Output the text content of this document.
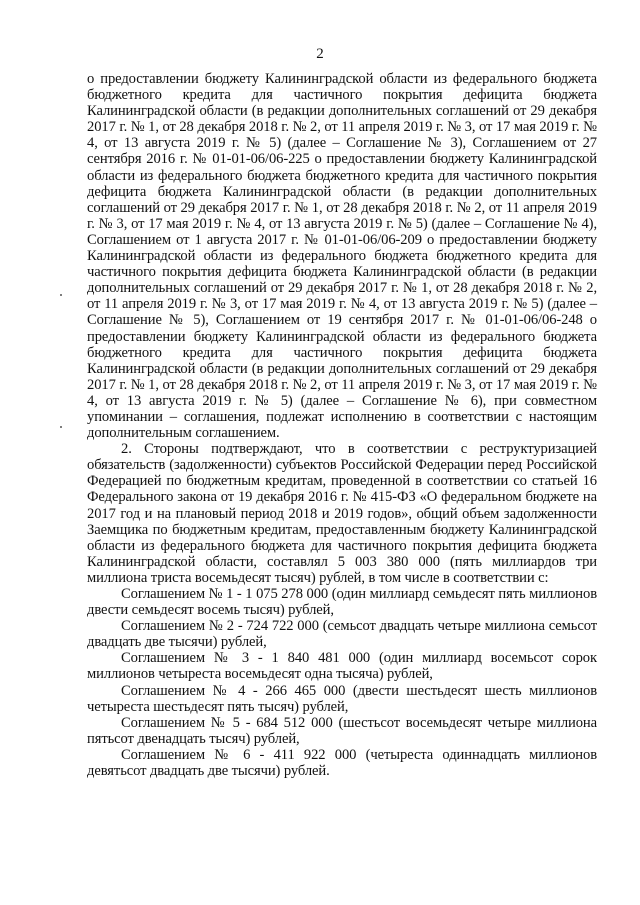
2

о предоставлении бюджету Калининградской области из федерального бюджета бюджетного кредита для частичного покрытия дефицита бюджета Калининградской области (в редакции дополнительных соглашений от 29 декабря 2017 г. № 1, от 28 декабря 2018 г. № 2, от 11 апреля 2019 г. № 3, от 17 мая 2019 г. № 4, от 13 августа 2019 г. № 5) (далее – Соглашение № 3), Соглашением от 27 сентября 2016 г. № 01-01-06/06-225 о предоставлении бюджету Калининградской области из федерального бюджета бюджетного кредита для частичного покрытия дефицита бюджета Калининградской области (в редакции дополнительных соглашений от 29 декабря 2017 г. № 1, от 28 декабря 2018 г. № 2, от 11 апреля 2019 г. № 3, от 17 мая 2019 г. № 4, от 13 августа 2019 г. № 5) (далее – Соглашение № 4), Соглашением от 1 августа 2017 г. № 01-01-06/06-209 о предоставлении бюджету Калининградской области из федерального бюджета бюджетного кредита для частичного покрытия дефицита бюджета Калининградской области (в редакции дополнительных соглашений от 29 декабря 2017 г. № 1, от 28 декабря 2018 г. № 2, от 11 апреля 2019 г. № 3, от 17 мая 2019 г. № 4, от 13 августа 2019 г. № 5) (далее – Соглашение № 5), Соглашением от 19 сентября 2017 г. № 01-01-06/06-248 о предоставлении бюджету Калининградской области из федерального бюджета бюджетного кредита для частичного покрытия дефицита бюджета Калининградской области (в редакции дополнительных соглашений от 29 декабря 2017 г. № 1, от 28 декабря 2018 г. № 2, от 11 апреля 2019 г. № 3, от 17 мая 2019 г. № 4, от 13 августа 2019 г. № 5) (далее – Соглашение № 6), при совместном упоминании – соглашения, подлежат исполнению в соответствии с настоящим дополнительным соглашением.

2. Стороны подтверждают, что в соответствии с реструктуризацией обязательств (задолженности) субъектов Российской Федерации перед Российской Федерацией по бюджетным кредитам, проведенной в соответствии со статьей 16 Федерального закона от 19 декабря 2016 г. № 415-ФЗ «О федеральном бюджете на 2017 год и на плановый период 2018 и 2019 годов», общий объем задолженности Заемщика по бюджетным кредитам, предоставленным бюджету Калининградской области из федерального бюджета для частичного покрытия дефицита бюджета Калининградской области, составлял 5 003 380 000 (пять миллиардов три миллиона триста восемьдесят тысяч) рублей, в том числе в соответствии с:

Соглашением № 1 - 1 075 278 000 (один миллиард семьдесят пять миллионов двести семьдесят восемь тысяч) рублей,

Соглашением № 2 - 724 722 000 (семьсот двадцать четыре миллиона семьсот двадцать две тысячи) рублей,

Соглашением № 3 - 1 840 481 000 (один миллиард восемьсот сорок миллионов четыреста восемьдесят одна тысяча) рублей,

Соглашением № 4 - 266 465 000 (двести шестьдесят шесть миллионов четыреста шестьдесят пять тысяч) рублей,

Соглашением № 5 - 684 512 000 (шестьсот восемьдесят четыре миллиона пятьсот двенадцать тысяч) рублей,

Соглашением № 6 - 411 922 000 (четыреста одиннадцать миллионов девятьсот двадцать две тысячи) рублей.
